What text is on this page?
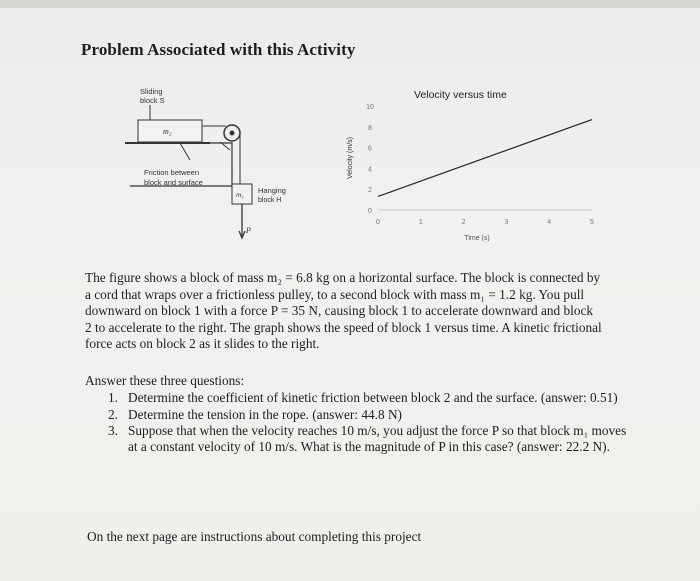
Problem Associated with this Activity
Sliding
block S
m₂
Friction between
block and surface
m₁ Hanging
block H
P
Velocity versus time
Velocity (m/s)
Time (s)
0	1	2	3	4	5
0
2
4
6
8
10
The figure shows a block of mass m₂ = 6.8 kg on a horizontal surface. The block is connected by
a cord that wraps over a frictionless pulley, to a second block with mass m₁ = 1.2 kg. You pull
downward on block 1 with a force P = 35 N, causing block 1 to accelerate downward and block
2 to accelerate to the right. The graph shows the speed of block 1 versus time. A kinetic frictional
force acts on block 2 as it slides to the right.
Answer these three questions:
1. Determine the coefficient of kinetic friction between block 2 and the surface. (answer: 0.51)
2. Determine the tension in the rope. (answer: 44.8 N)
3. Suppose that when the velocity reaches 10 m/s, you adjust the force P so that block m₁ moves at a constant velocity of 10 m/s. What is the magnitude of P in this case? (answer: 22.2 N).
On the next page are instructions about completing this project
